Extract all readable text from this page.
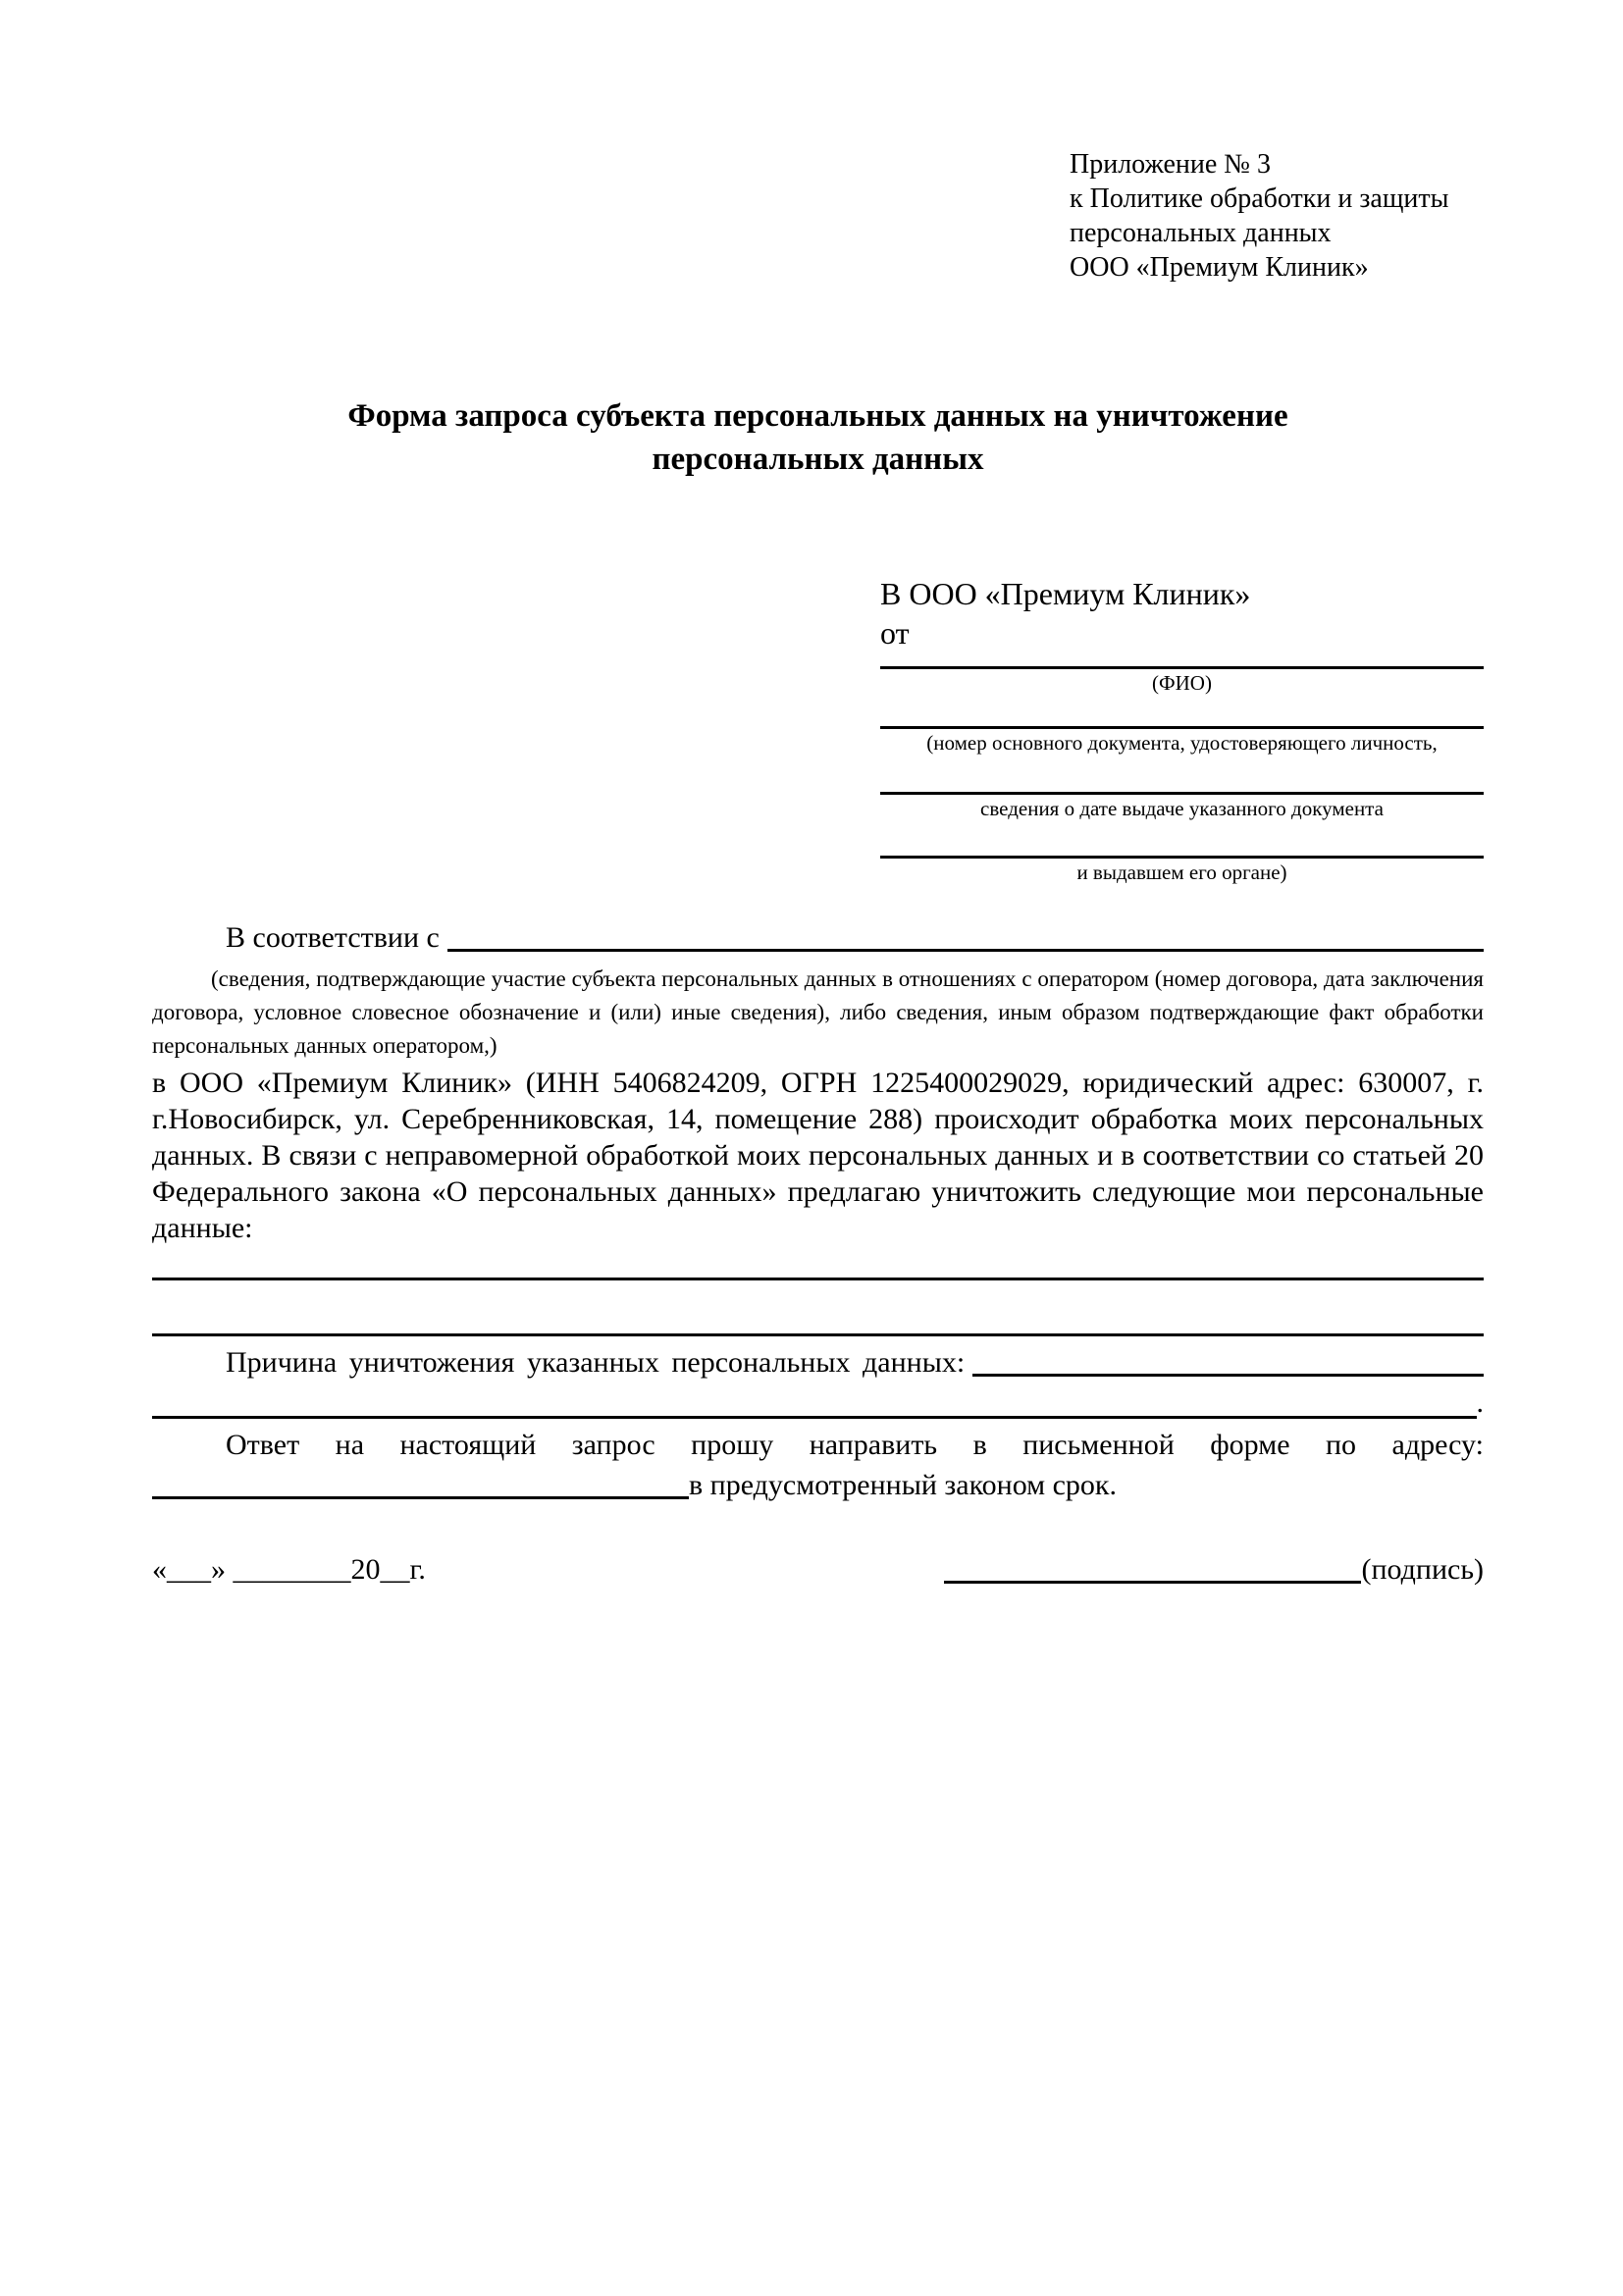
Приложение № 3
к Политике обработки и защиты
персональных данных
ООО «Премиум Клиник»
Форма запроса субъекта персональных данных на уничтожение персональных данных
В ООО «Премиум Клиник»
от
(ФИО)
(номер основного документа, удостоверяющего личность,
сведения о дате выдаче указанного документа
и выдавшем его органе)
В соответствии с
(сведения, подтверждающие участие субъекта персональных данных в отношениях с оператором (номер договора, дата заключения договора, условное словесное обозначение и (или) иные сведения), либо сведения, иным образом подтверждающие факт обработки персональных данных оператором,)

в ООО «Премиум Клиник» (ИНН 5406824209, ОГРН 1225400029029, юридический адрес: 630007, г. г.Новосибирск, ул. Серебренниковская, 14, помещение 288) происходит обработка моих персональных данных. В связи с неправомерной обработкой моих персональных данных и в соответствии со статьей 20 Федерального закона «О персональных данных» предлагаю уничтожить следующие мои персональные данные:

Причина уничтожения указанных персональных данных:
.

Ответ на настоящий запрос прошу направить в письменной форме по адресу:

в предусмотренный законом срок.
«___» ________20__г.	(подпись)
